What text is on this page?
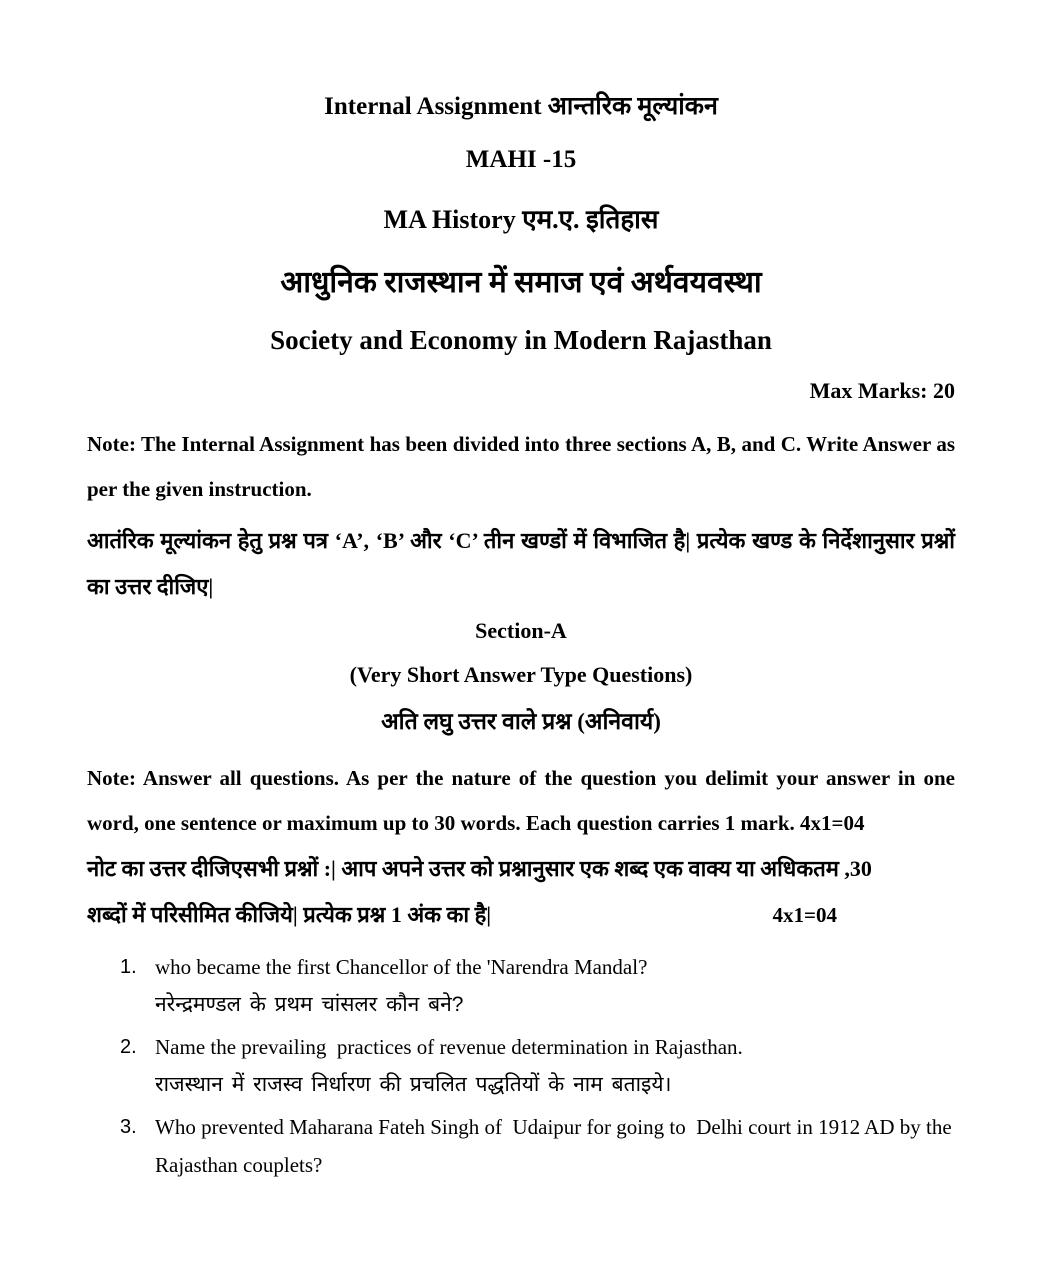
Internal Assignment आन्तरिक मूल्यांकन

MAHI -15

MA History एम.ए. इतिहास

आधुनिक राजस्थान में समाज एवं अर्थवयवस्था

Society and Economy in Modern Rajasthan

Max Marks: 20

Note: The Internal Assignment has been divided into three sections A, B, and C. Write Answer as per the given instruction.

आतंरिक मूल्यांकन हेतु प्रश्न पत्र ‘A’, ‘B’ और ‘C’ तीन खण्डों में विभाजित है| प्रत्येक खण्ड के निर्देशानुसार प्रश्नों का उत्तर दीजिए|

Section-A

(Very Short Answer Type Questions)

अति लघु उत्तर वाले प्रश्न (अनिवार्य)

Note: Answer all questions. As per the nature of the question you delimit your answer in one word, one sentence or maximum up to 30 words. Each question carries 1 mark. 4x1=04

नोट का उत्तर दीजिएसभी प्रश्नों :| आप अपने उत्तर को प्रश्नानुसार एक शब्द एक वाक्य या अधिकतम ,30

शब्दों में परिसीमित कीजिये| प्रत्येक प्रश्न 1 अंक का है|	4x1=04
1. who became the first Chancellor of the 'Narendra Mandal?
नरेन्द्रमण्डल के प्रथम चांसलर कौन बने?
2. Name the prevailing  practices of revenue determination in Rajasthan.
राजस्थान में राजस्व निर्धारण की प्रचलित पद्धतियों के नाम बताइये।
3. Who prevented Maharana Fateh Singh of  Udaipur for going to  Delhi court in 1912 AD by the Rajasthan couplets?
